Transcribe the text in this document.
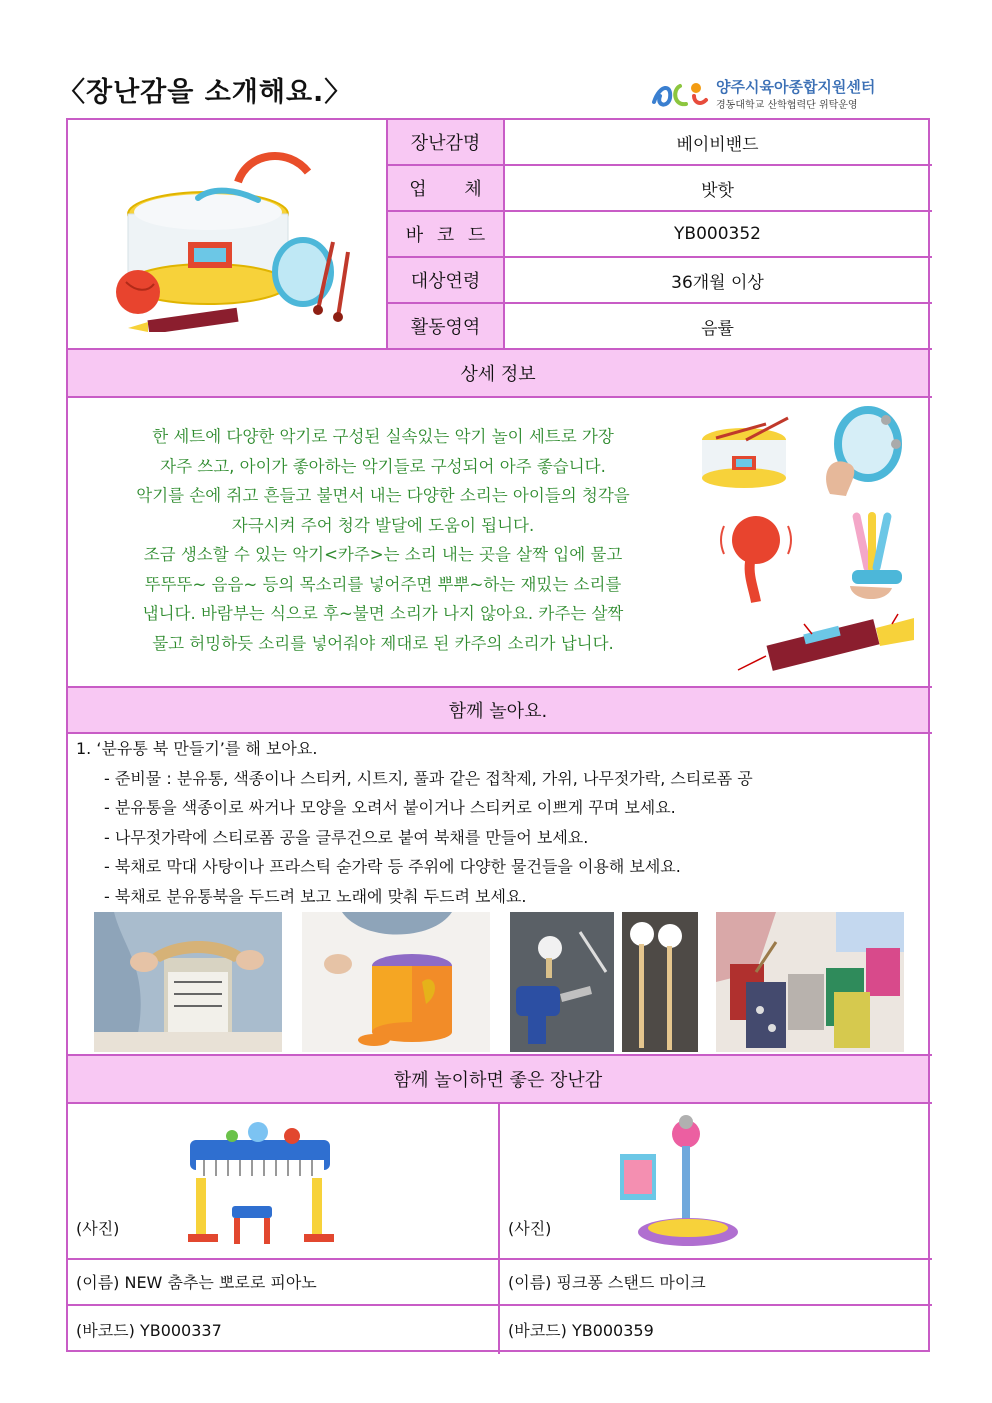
〈장난감을 소개해요.〉	양주시육아종합지원센터
경동대학교 산학협력단 위탁운영
장난감명	베이비밴드
업 체	밧핫
바 코 드	YB000352
대상연령	36개월 이상
활동영역	음률
상세 정보

한 세트에 다양한 악기로 구성된 실속있는 악기 놀이 세트로 가장

자주 쓰고, 아이가 좋아하는 악기들로 구성되어 아주 좋습니다.

악기를 손에 쥐고 흔들고 불면서 내는 다양한 소리는 아이들의 청각을

자극시켜 주어 청각 발달에 도움이 됩니다.

조금 생소할 수 있는 악기<카주>는 소리 내는 곳을 살짝 입에 물고

뚜뚜뚜~ 음음~ 등의 목소리를 넣어주면 뿌뿌~하는 재밌는 소리를

냅니다. 바람부는 식으로 후~불면 소리가 나지 않아요. 카주는 살짝

물고 허밍하듯 소리를 넣어줘야 제대로 된 카주의 소리가 납니다.

함께 놀아요.
1. ‘분유통 북 만들기’를 해 보아요.
- 준비물 : 분유통, 색종이나 스티커, 시트지, 풀과 같은 접착제, 가위, 나무젓가락, 스티로폼 공
- 분유통을 색종이로 싸거나 모양을 오려서 붙이거나 스티커로 이쁘게 꾸며 보세요.
- 나무젓가락에 스티로폼 공을 글루건으로 붙여 북채를 만들어 보세요.
- 북채로 막대 사탕이나 프라스틱 숟가락 등 주위에 다양한 물건들을 이용해 보세요.
- 북채로 분유통북을 두드려 보고 노래에 맞춰 두드려 보세요.
함께 놀이하면 좋은 장난감
(사진)	(사진)
(이름) NEW 춤추는 뽀로로 피아노	(이름) 핑크퐁 스탠드 마이크
(바코드) YB000337	(바코드) YB000359
